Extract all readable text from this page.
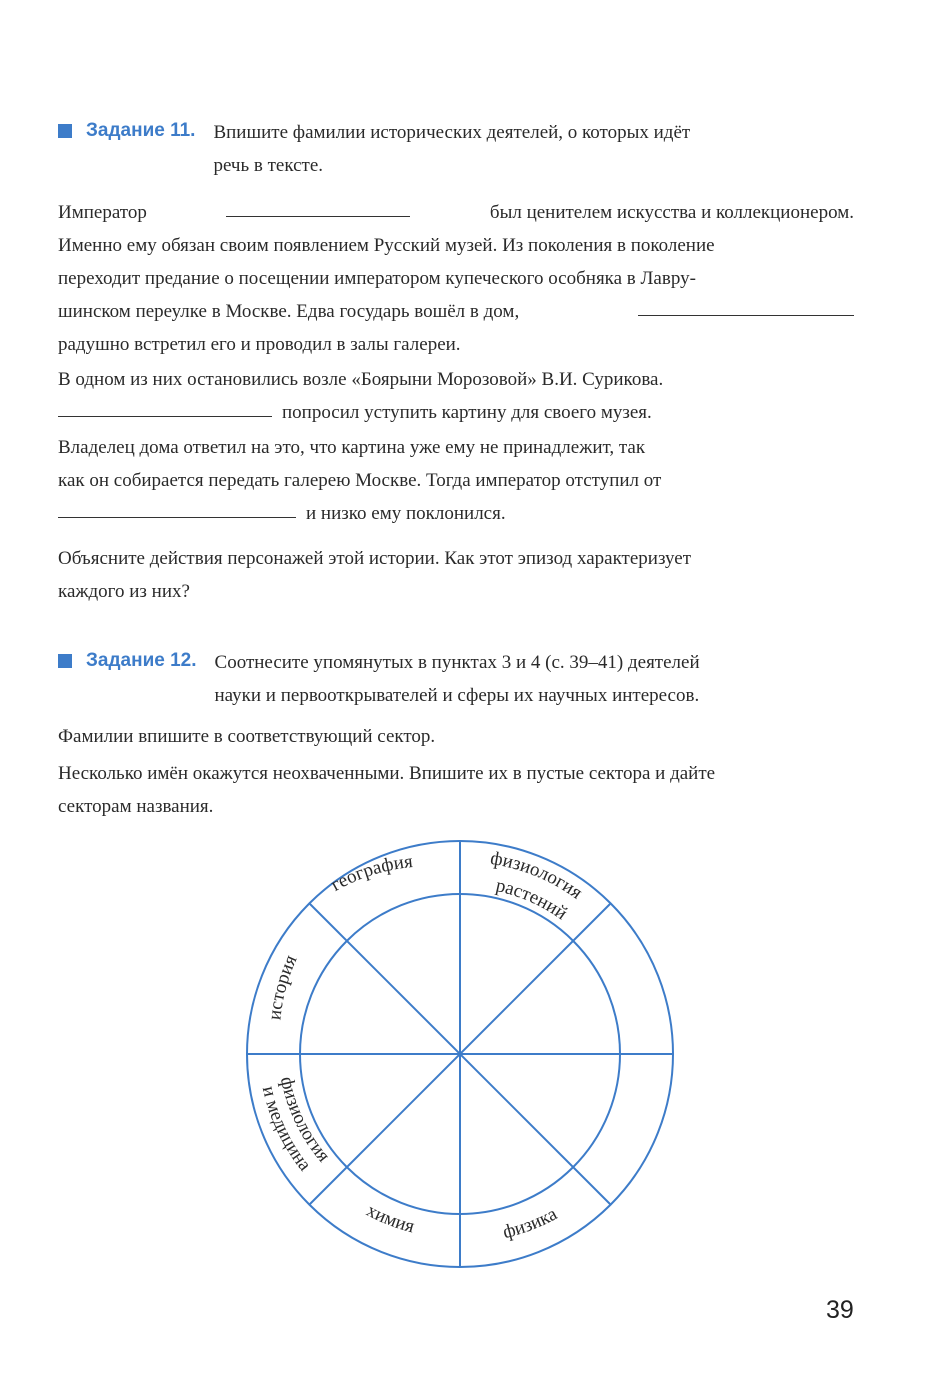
Задание 11. Впишите фамилии исторических деятелей, о которых идёт
речь в тексте.
Император	был ценителем искусства и коллекционером.
Именно ему обязан своим появлением Русский музей. Из поколения в поколение
переходит предание о посещении императором купеческого особняка в Лавру-
шинском переулке в Москве. Едва государь вошёл в дом,
радушно встретил его и проводил в залы галереи.
В одном из них остановились возле «Боярыни Морозовой» В.И. Сурикова.
попросил уступить картину для своего музея.
Владелец дома ответил на это, что картина уже ему не принадлежит, так
как он собирается передать галерею Москве. Тогда император отступил от
и низко ему поклонился.
Объясните действия персонажей этой истории. Как этот эпизод характеризует
каждого из них?
Задание 12. Соотнесите упомянутых в пунктах 3 и 4 (с. 39–41) деятелей
науки и первооткрывателей и сферы их научных интересов.
Фамилии впишите в соответствующий сектор.
Несколько имён окажутся неохваченными. Впишите их в пустые сектора и дайте
секторам названия.
география	физиология
растений
история
физиология
и медицина
химия	физика
39
